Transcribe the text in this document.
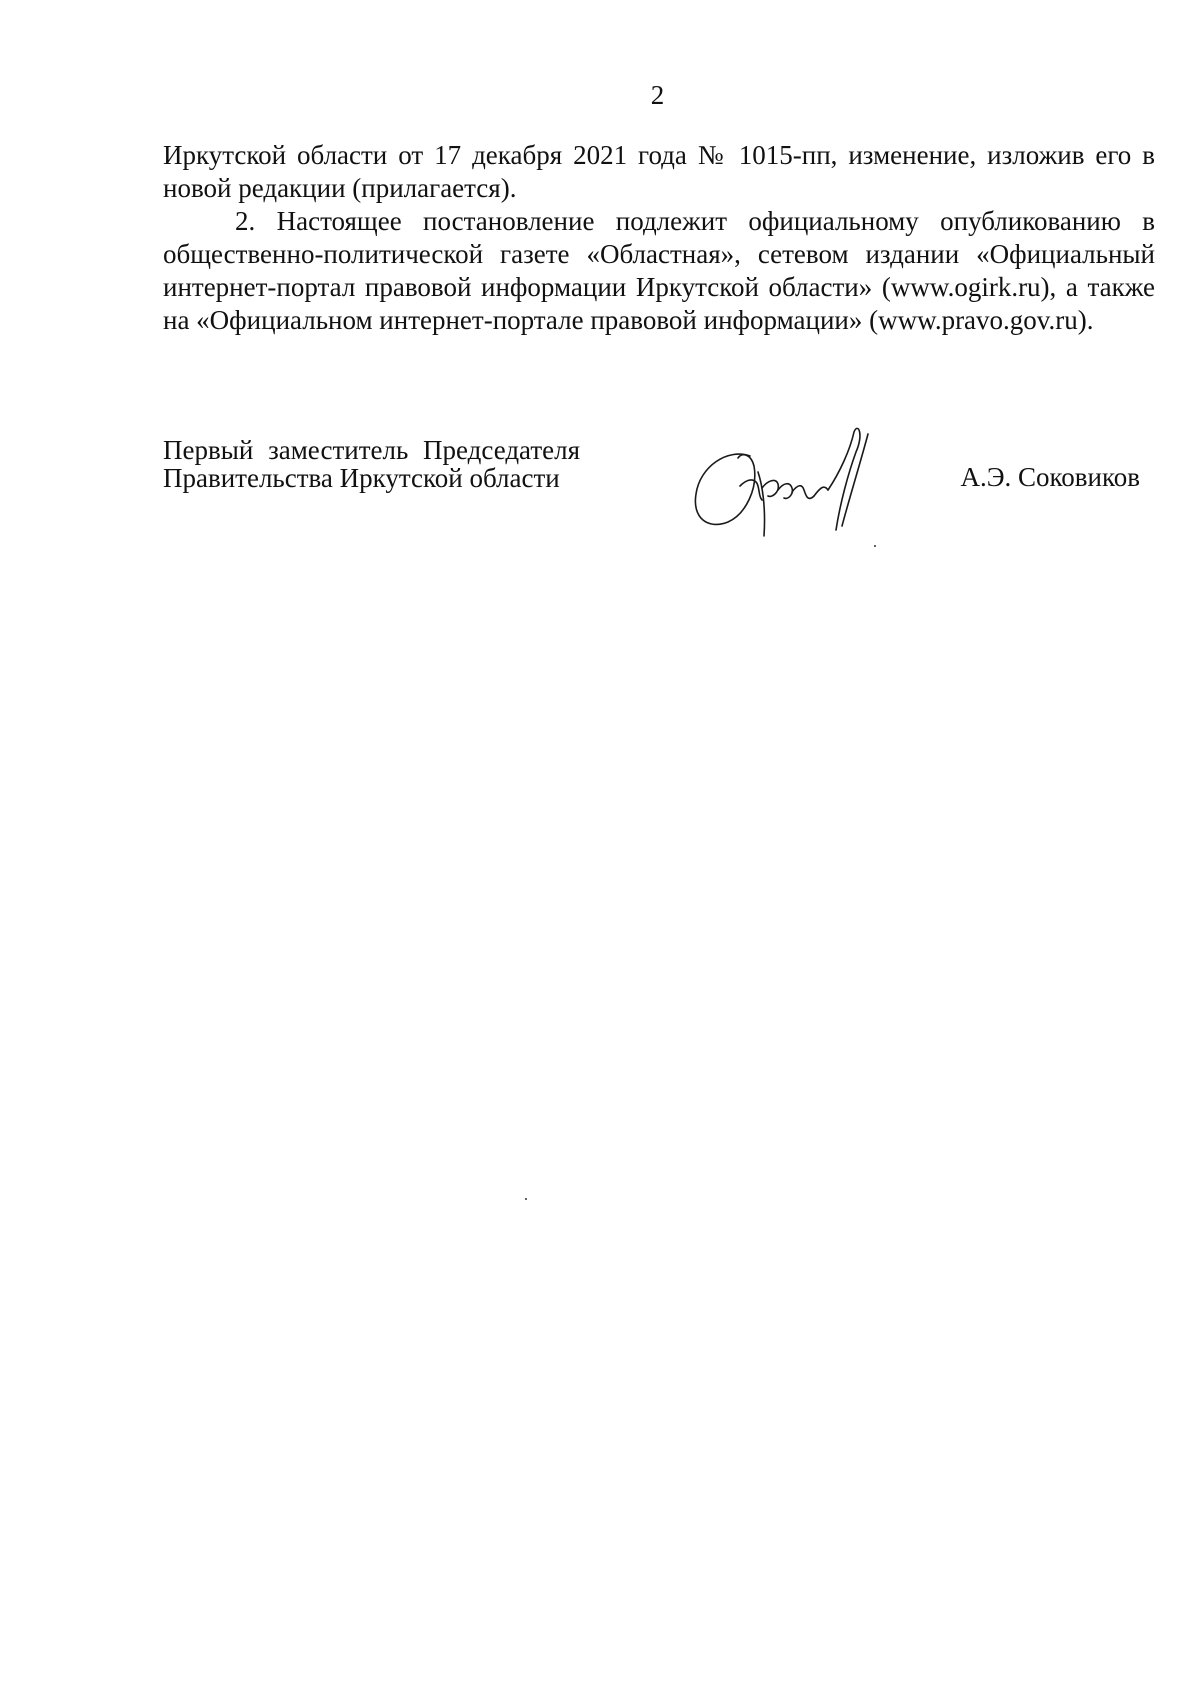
2

Иркутской области от 17 декабря 2021 года № 1015-пп, изменение, изложив его в новой редакции (прилагается).

2. Настоящее постановление подлежит официальному опубликованию в общественно-политической газете «Областная», сетевом издании «Официальный интернет-портал правовой информации Иркутской области» (www.ogirk.ru), а также на «Официальном интернет-портале правовой информации» (www.pravo.gov.ru).

Первый заместитель Председателя
Правительства Иркутской области	А.Э. Соковиков
